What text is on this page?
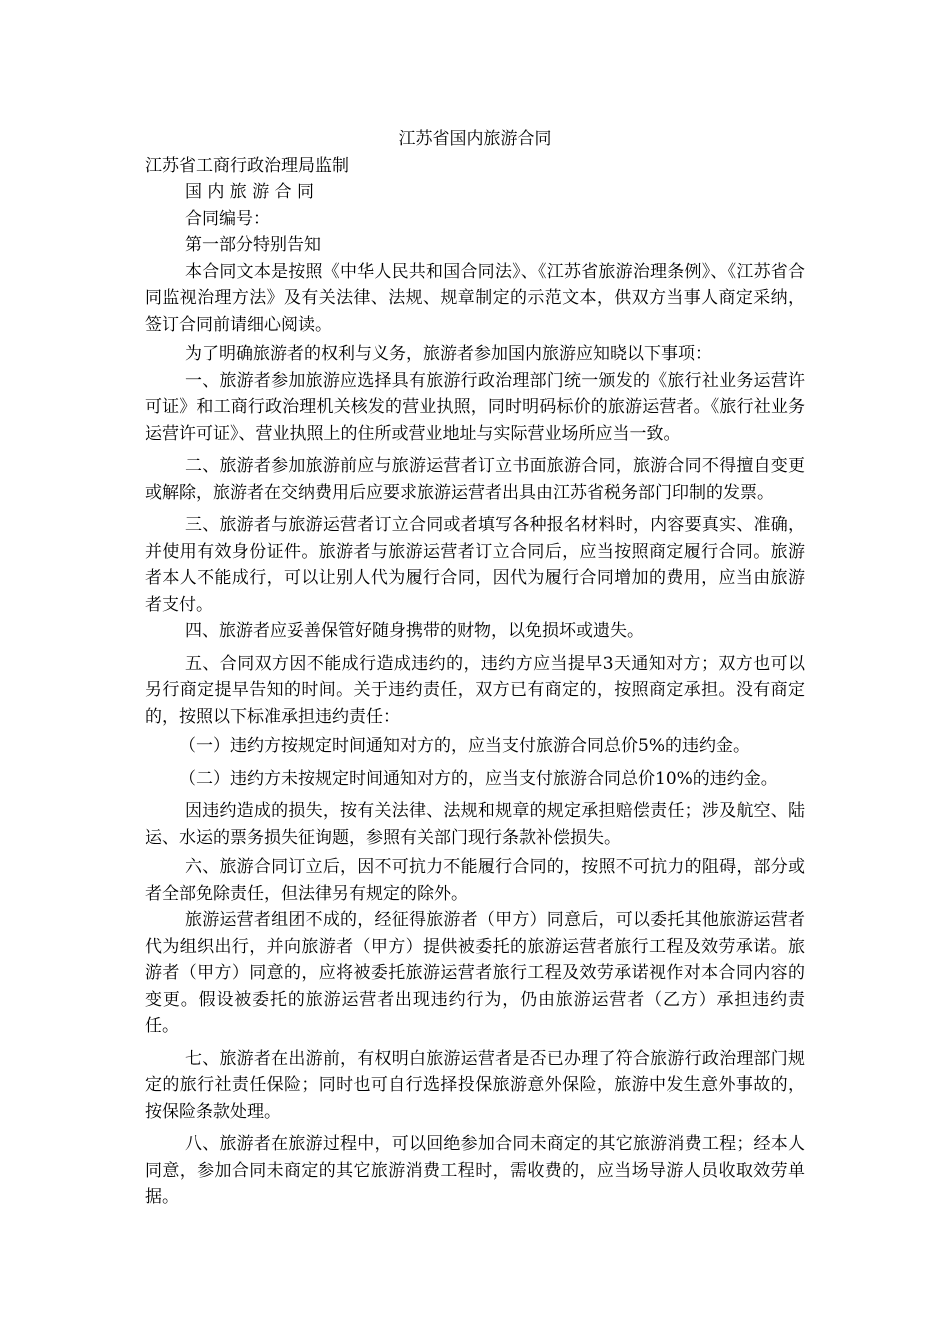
江苏省国内旅游合同

江苏省工商行政治理局监制

国 内 旅 游 合 同

合同编号：

第一部分特别告知

本合同文本是按照《中华人民共和国合同法》、《江苏省旅游治理条例》、《江苏省合同监视治理方法》及有关法律、法规、规章制定的示范文本，供双方当事人商定采纳，签订合同前请细心阅读。

为了明确旅游者的权利与义务，旅游者参加国内旅游应知晓以下事项：

一、旅游者参加旅游应选择具有旅游行政治理部门统一颁发的《旅行社业务运营许可证》和工商行政治理机关核发的营业执照，同时明码标价的旅游运营者。《旅行社业务运营许可证》、营业执照上的住所或营业地址与实际营业场所应当一致。

二、旅游者参加旅游前应与旅游运营者订立书面旅游合同，旅游合同不得擅自变更或解除，旅游者在交纳费用后应要求旅游运营者出具由江苏省税务部门印制的发票。

三、旅游者与旅游运营者订立合同或者填写各种报名材料时，内容要真实、准确，并使用有效身份证件。旅游者与旅游运营者订立合同后，应当按照商定履行合同。旅游者本人不能成行，可以让别人代为履行合同，因代为履行合同增加的费用，应当由旅游者支付。

四、旅游者应妥善保管好随身携带的财物，以免损坏或遗失。

五、合同双方因不能成行造成违约的，违约方应当提早3天通知对方；双方也可以另行商定提早告知的时间。关于违约责任，双方已有商定的，按照商定承担。没有商定的，按照以下标准承担违约责任：

（一）违约方按规定时间通知对方的，应当支付旅游合同总价5%的违约金。

（二）违约方未按规定时间通知对方的，应当支付旅游合同总价10%的违约金。

因违约造成的损失，按有关法律、法规和规章的规定承担赔偿责任；涉及航空、陆运、水运的票务损失征询题，参照有关部门现行条款补偿损失。

六、旅游合同订立后，因不可抗力不能履行合同的，按照不可抗力的阻碍，部分或者全部免除责任，但法律另有规定的除外。

旅游运营者组团不成的，经征得旅游者（甲方）同意后，可以委托其他旅游运营者代为组织出行，并向旅游者（甲方）提供被委托的旅游运营者旅行工程及效劳承诺。旅游者（甲方）同意的，应将被委托旅游运营者旅行工程及效劳承诺视作对本合同内容的变更。假设被委托的旅游运营者出现违约行为，仍由旅游运营者（乙方）承担违约责任。

七、旅游者在出游前，有权明白旅游运营者是否已办理了符合旅游行政治理部门规定的旅行社责任保险；同时也可自行选择投保旅游意外保险，旅游中发生意外事故的，按保险条款处理。

八、旅游者在旅游过程中，可以回绝参加合同未商定的其它旅游消费工程；经本人同意，参加合同未商定的其它旅游消费工程时，需收费的，应当场导游人员收取效劳单据。
